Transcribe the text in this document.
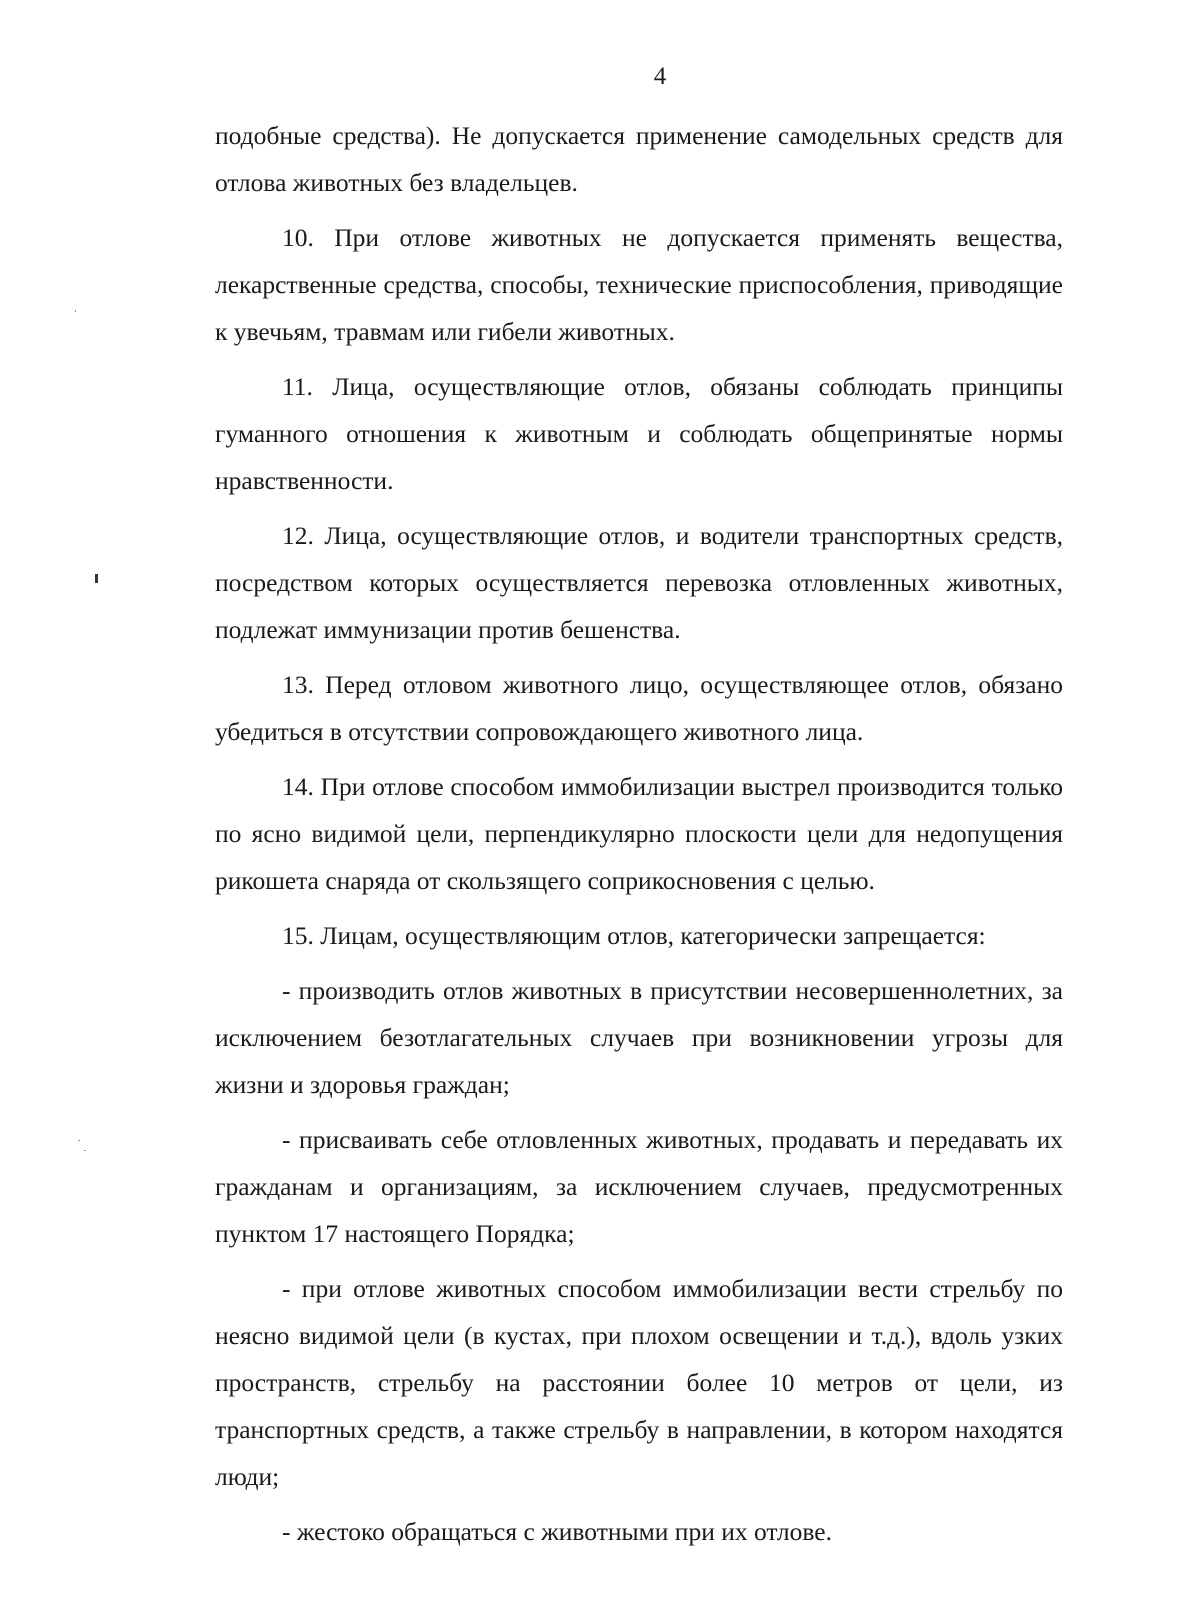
4

подобные средства). Не допускается применение самодельных средств для отлова животных без владельцев.

10. При отлове животных не допускается применять вещества, лекарственные средства, способы, технические приспособления, приводящие к увечьям, травмам или гибели животных.

11. Лица, осуществляющие отлов, обязаны соблюдать принципы гуманного отношения к животным и соблюдать общепринятые нормы нравственности.

12. Лица, осуществляющие отлов, и водители транспортных средств, посредством которых осуществляется перевозка отловленных животных, подлежат иммунизации против бешенства.

13. Перед отловом животного лицо, осуществляющее отлов, обязано убедиться в отсутствии сопровождающего животного лица.

14. При отлове способом иммобилизации выстрел производится только по ясно видимой цели, перпендикулярно плоскости цели для недопущения рикошета снаряда от скользящего соприкосновения с целью.

15. Лицам, осуществляющим отлов, категорически запрещается:

- производить отлов животных в присутствии несовершеннолетних, за исключением безотлагательных случаев при возникновении угрозы для жизни и здоровья граждан;

- присваивать себе отловленных животных, продавать и передавать их гражданам и организациям, за исключением случаев, предусмотренных пунктом 17 настоящего Порядка;

- при отлове животных способом иммобилизации вести стрельбу по неясно видимой цели (в кустах, при плохом освещении и т.д.), вдоль узких пространств, стрельбу на расстоянии более 10 метров от цели, из транспортных средств, а также стрельбу в направлении, в котором находятся люди;

- жестоко обращаться с животными при их отлове.
